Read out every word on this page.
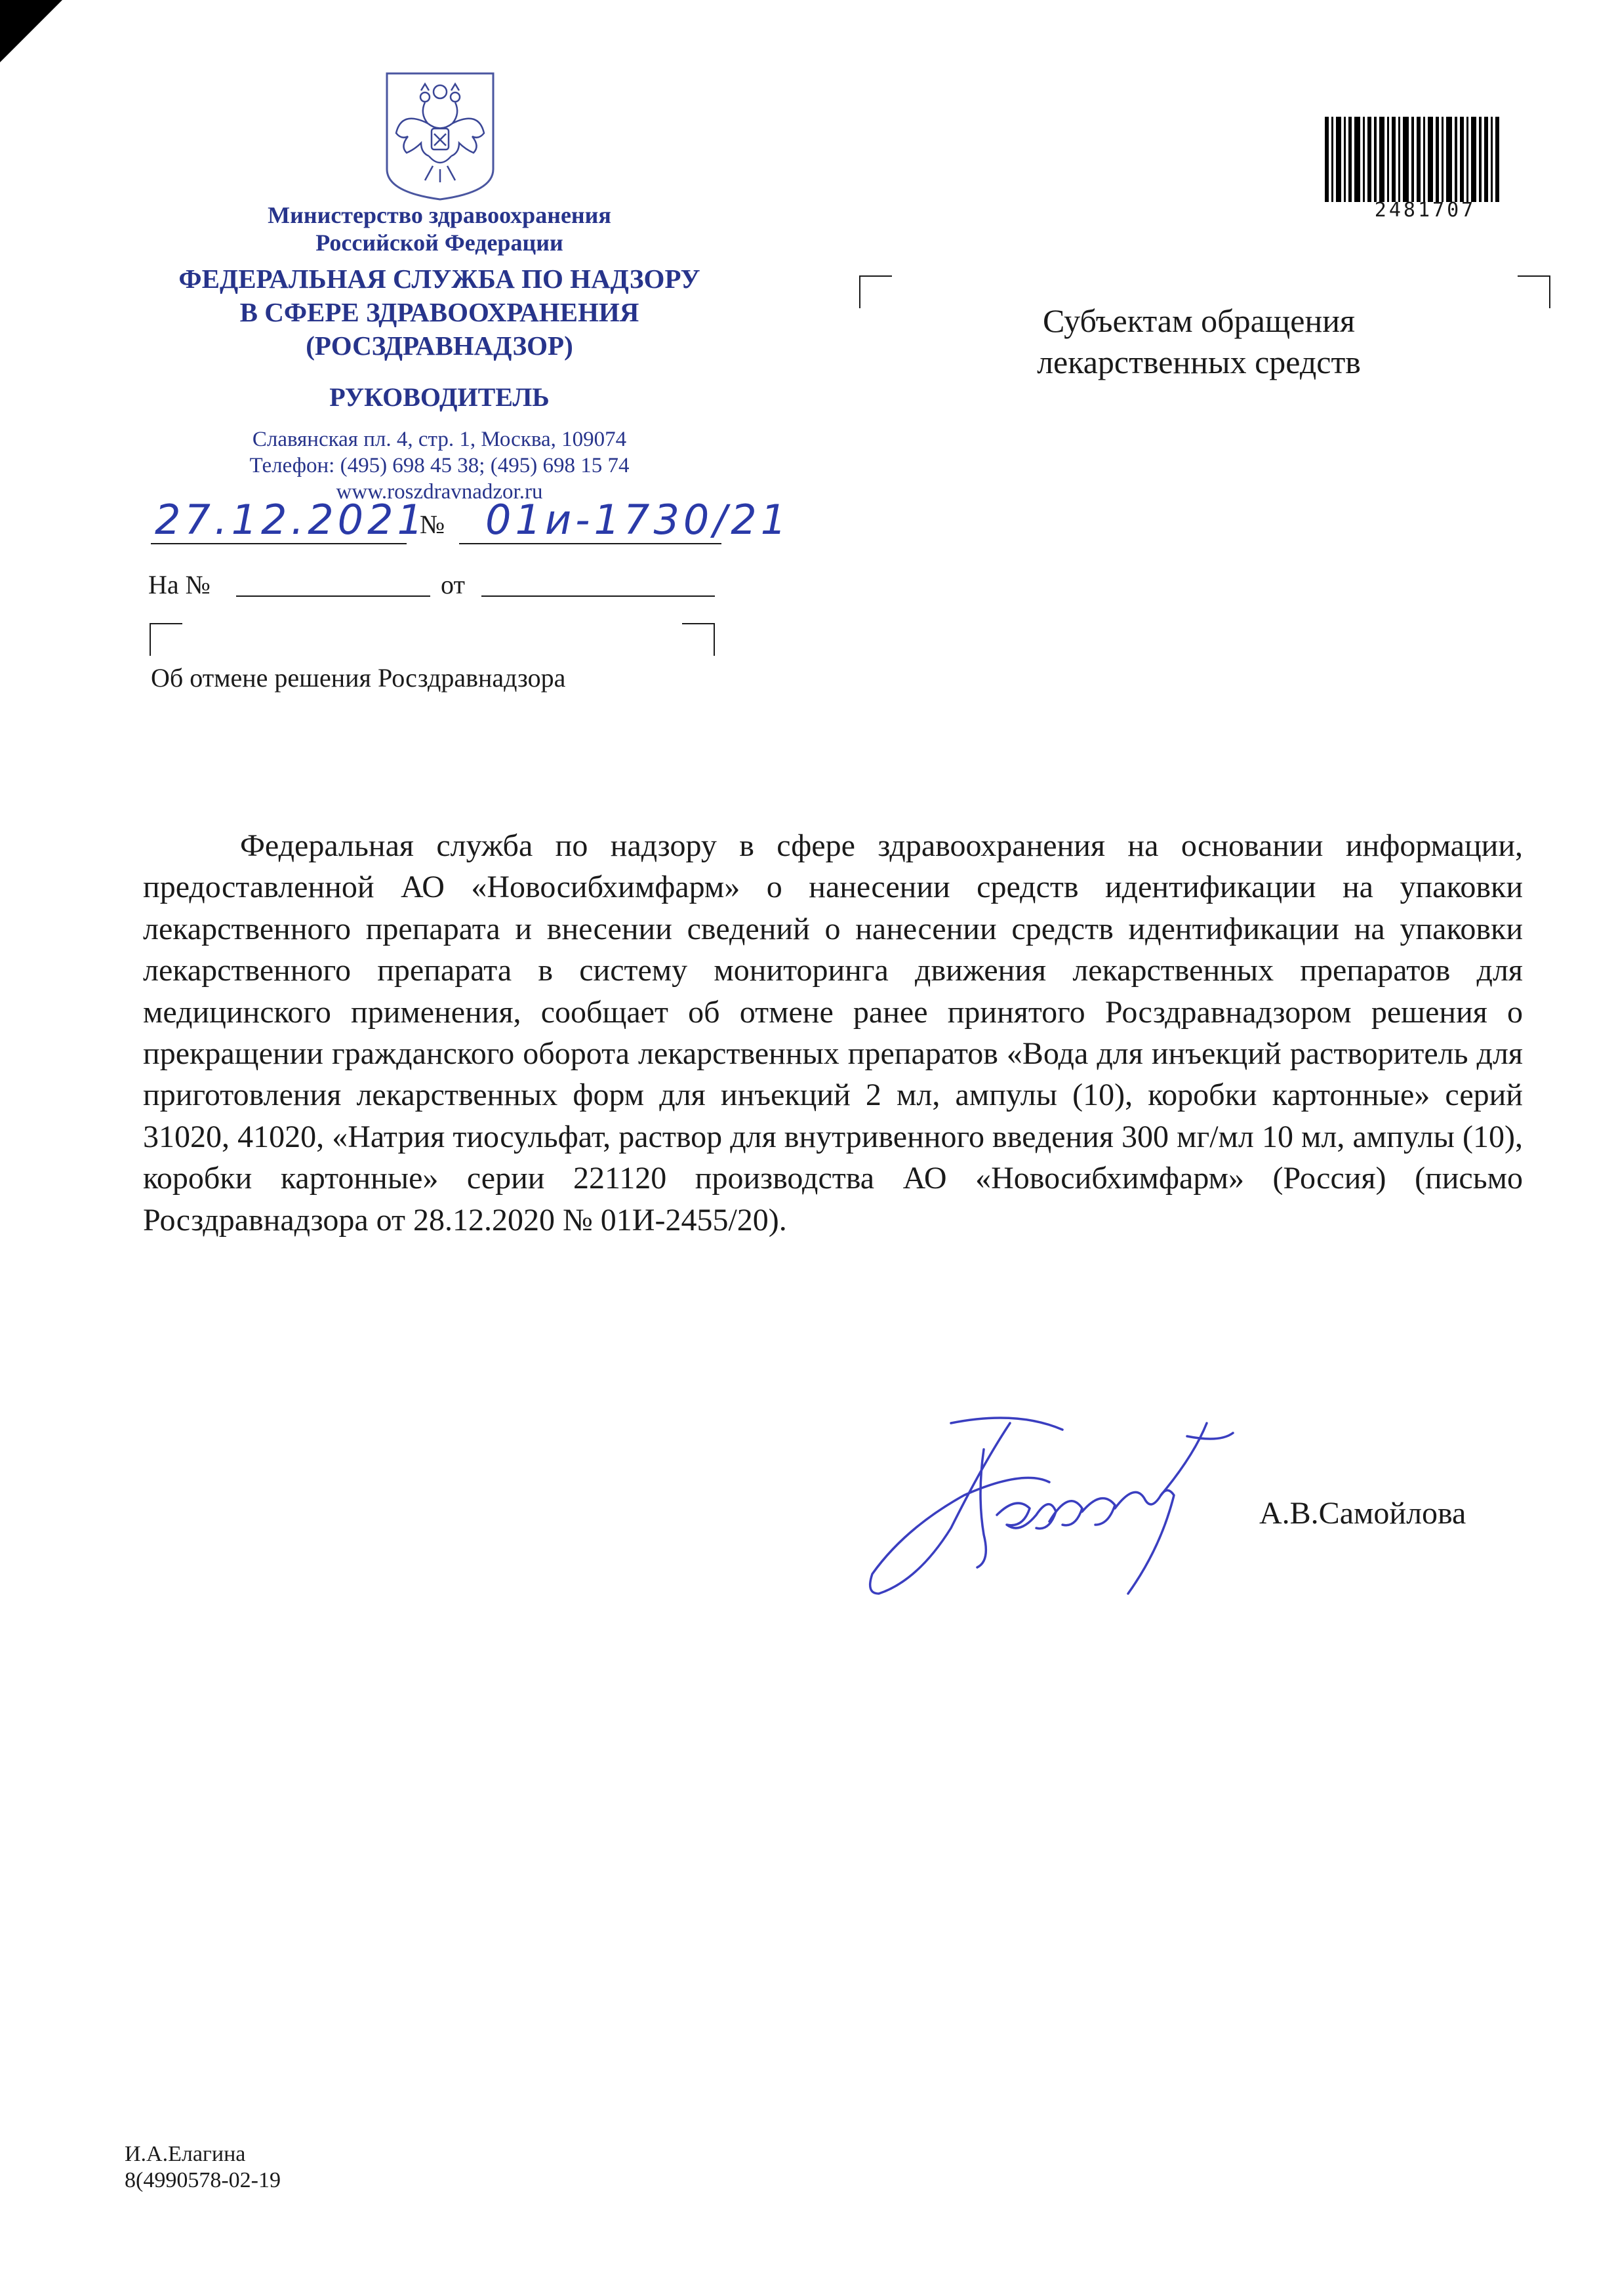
Министерство здравоохранения
Российской Федерации
ФЕДЕРАЛЬНАЯ СЛУЖБА ПО НАДЗОРУ
В СФЕРЕ ЗДРАВООХРАНЕНИЯ
(РОСЗДРАВНАДЗОР)
РУКОВОДИТЕЛЬ
Славянская пл. 4, стр. 1, Москва, 109074
Телефон: (495) 698 45 38; (495) 698 15 74
www.roszdravnadzor.ru
27.12.2021
№ 01и-1730/21
На №	от
Об отмене решения Росздравнадзора
2481707
Субъектам обращения
лекарственных средств

Федеральная служба по надзору в сфере здравоохранения на основании информации, предоставленной АО «Новосибхимфарм» о нанесении средств идентификации на упаковки лекарственного препарата и внесении сведений о нанесении средств идентификации на упаковки лекарственного препарата в систему мониторинга движения лекарственных препаратов для медицинского применения, сообщает об отмене ранее принятого Росздравнадзором решения о прекращении гражданского оборота лекарственных препаратов «Вода для инъекций растворитель для приготовления лекарственных форм для инъекций 2 мл, ампулы (10), коробки картонные» серий 31020, 41020, «Натрия тиосульфат, раствор для внутривенного введения 300 мг/мл 10 мл, ампулы (10), коробки картонные» серии 221120 производства АО «Новосибхимфарм» (Россия) (письмо Росздравнадзора от 28.12.2020 № 01И-2455/20).

А.В.Самойлова
И.А.Елагина
8(4990578-02-19
